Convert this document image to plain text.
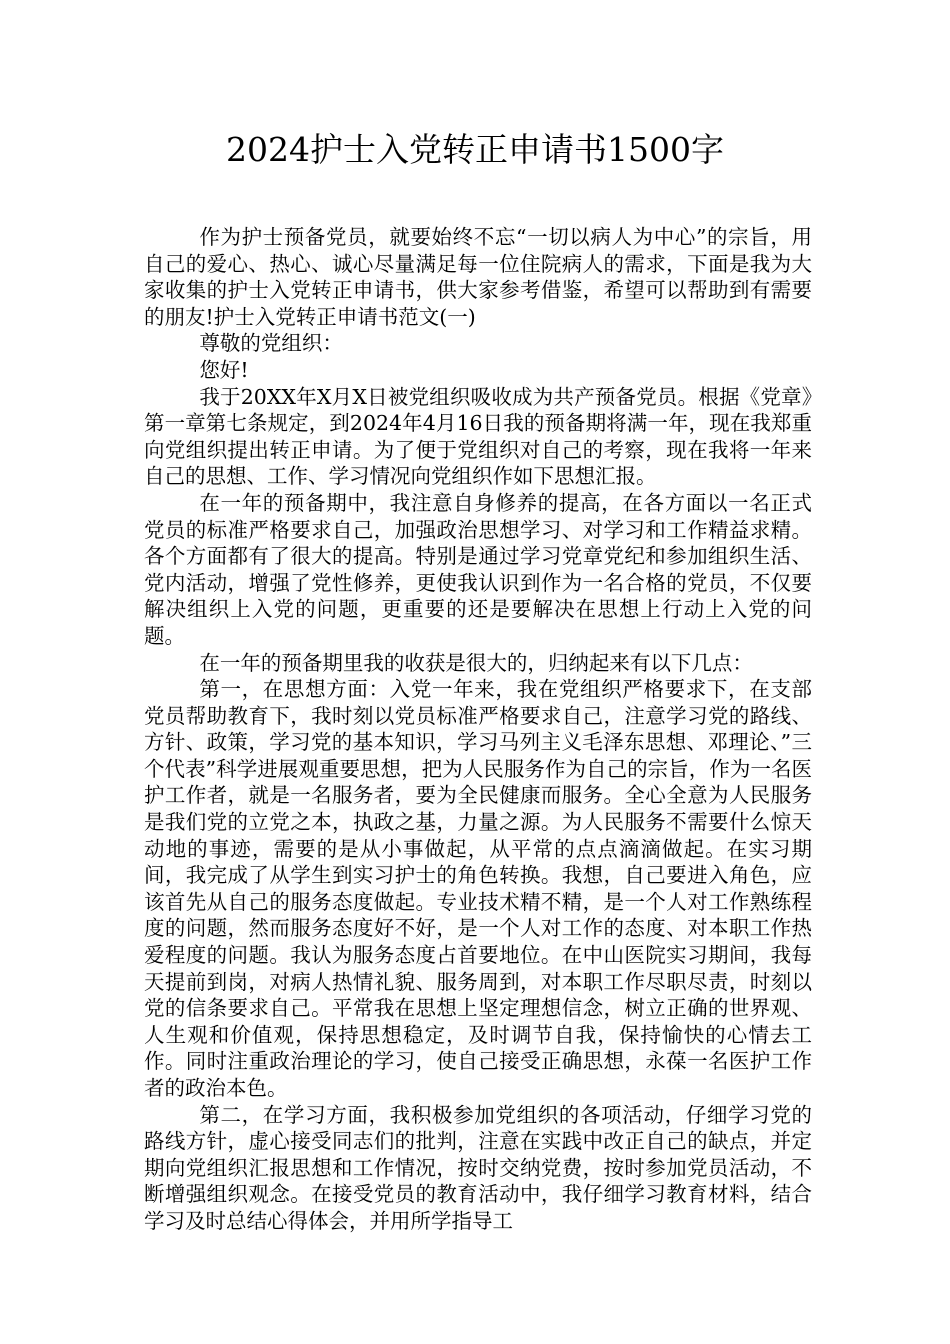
2024护士入党转正申请书1500字

作为护士预备党员，就要始终不忘“一切以病人为中心”的宗旨，用自己的爱心、热心、诚心尽量满足每一位住院病人的需求，下面是我为大家收集的护士入党转正申请书，供大家参考借鉴，希望可以帮助到有需要的朋友!护士入党转正申请书范文(一)

尊敬的党组织：

您好!

我于20XX年X月X日被党组织吸收成为共产预备党员。根据《党章》第一章第七条规定，到2024年4月16日我的预备期将满一年，现在我郑重向党组织提出转正申请。为了便于党组织对自己的考察，现在我将一年来自己的思想、工作、学习情况向党组织作如下思想汇报。

在一年的预备期中，我注意自身修养的提高，在各方面以一名正式党员的标准严格要求自己，加强政治思想学习、对学习和工作精益求精。各个方面都有了很大的提高。特别是通过学习党章党纪和参加组织生活、党内活动，增强了党性修养，更使我认识到作为一名合格的党员，不仅要解决组织上入党的问题，更重要的还是要解决在思想上行动上入党的问题。

在一年的预备期里我的收获是很大的，归纳起来有以下几点：

第一，在思想方面：入党一年来，我在党组织严格要求下，在支部党员帮助教育下，我时刻以党员标准严格要求自己，注意学习党的路线、方针、政策，学习党的基本知识，学习马列主义毛泽东思想、邓理论、”三个代表”科学进展观重要思想，把为人民服务作为自己的宗旨，作为一名医护工作者，就是一名服务者，要为全民健康而服务。全心全意为人民服务是我们党的立党之本，执政之基，力量之源。为人民服务不需要什么惊天动地的事迹，需要的是从小事做起，从平常的点点滴滴做起。在实习期间，我完成了从学生到实习护士的角色转换。我想，自己要进入角色，应该首先从自己的服务态度做起。专业技术精不精，是一个人对工作熟练程度的问题，然而服务态度好不好，是一个人对工作的态度、对本职工作热爱程度的问题。我认为服务态度占首要地位。在中山医院实习期间，我每天提前到岗，对病人热情礼貌、服务周到，对本职工作尽职尽责，时刻以党的信条要求自己。平常我在思想上坚定理想信念，树立正确的世界观、人生观和价值观，保持思想稳定，及时调节自我，保持愉快的心情去工作。同时注重政治理论的学习，使自己接受正确思想，永葆一名医护工作者的政治本色。

第二，在学习方面，我积极参加党组织的各项活动，仔细学习党的路线方针，虚心接受同志们的批判，注意在实践中改正自己的缺点，并定期向党组织汇报思想和工作情况，按时交纳党费，按时参加党员活动，不断增强组织观念。在接受党员的教育活动中，我仔细学习教育材料，结合学习及时总结心得体会，并用所学指导工
